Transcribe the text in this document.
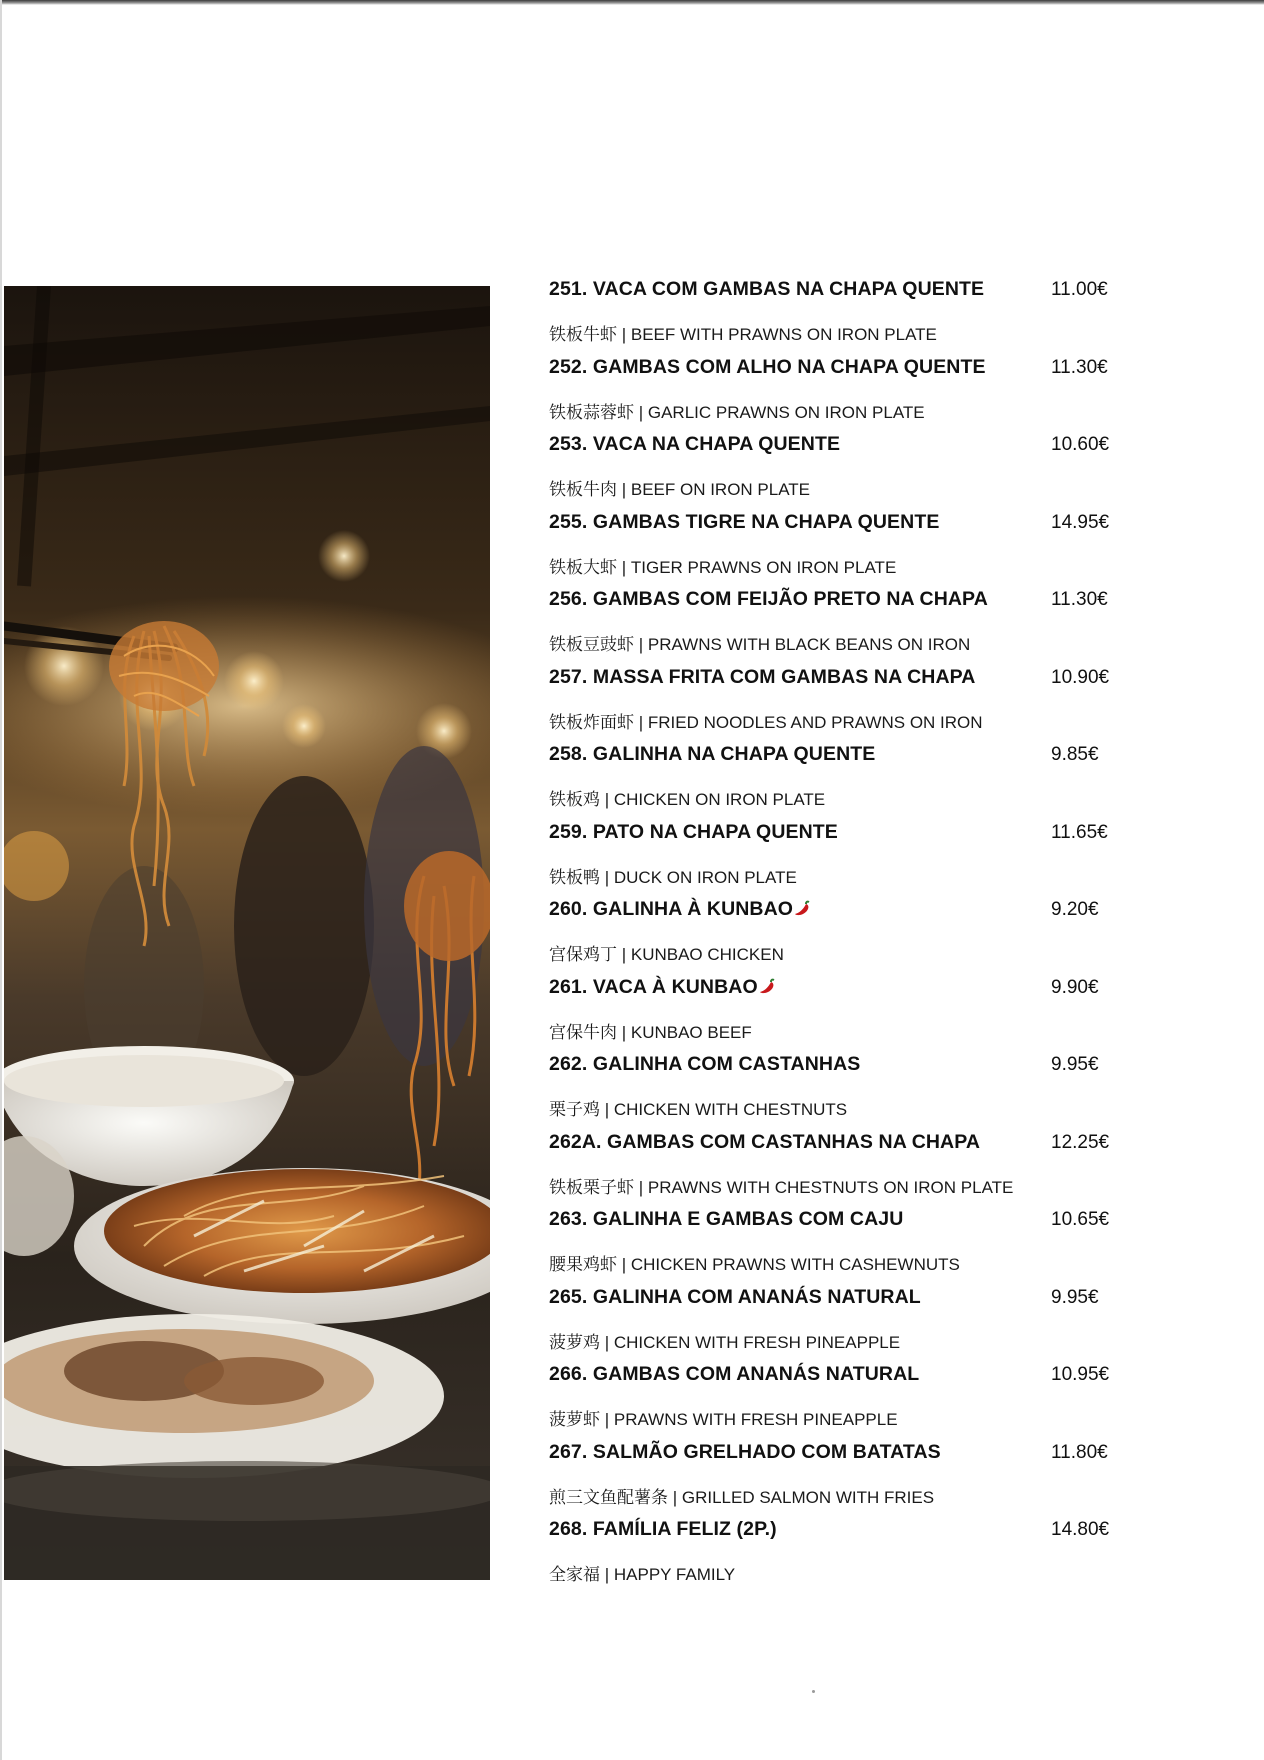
251. VACA COM GAMBAS NA CHAPA QUENTE	11.00€
铁板牛虾 | BEEF WITH PRAWNS ON IRON PLATE
252. GAMBAS COM ALHO NA CHAPA QUENTE	11.30€
铁板蒜蓉虾 | GARLIC PRAWNS ON IRON PLATE
253. VACA NA CHAPA QUENTE	10.60€
铁板牛肉 | BEEF ON IRON PLATE
255. GAMBAS TIGRE NA CHAPA QUENTE	14.95€
铁板大虾 | TIGER PRAWNS ON IRON PLATE
256. GAMBAS COM FEIJÃO PRETO NA CHAPA	11.30€
铁板豆豉虾 | PRAWNS WITH BLACK BEANS ON IRON
257. MASSA FRITA COM GAMBAS NA CHAPA	10.90€
铁板炸面虾 | FRIED NOODLES AND PRAWNS ON IRON
258. GALINHA NA CHAPA QUENTE	9.85€
铁板鸡 | CHICKEN ON IRON PLATE
259. PATO NA CHAPA QUENTE	11.65€
铁板鸭 | DUCK ON IRON PLATE
260. GALINHA À KUNBAO	9.20€
宫保鸡丁 | KUNBAO CHICKEN
261. VACA À KUNBAO	9.90€
宫保牛肉 | KUNBAO BEEF
262. GALINHA COM CASTANHAS	9.95€
栗子鸡 | CHICKEN WITH CHESTNUTS
262A. GAMBAS COM CASTANHAS NA CHAPA	12.25€
铁板栗子虾 | PRAWNS WITH CHESTNUTS ON IRON PLATE
263. GALINHA E GAMBAS COM CAJU	10.65€
腰果鸡虾 | CHICKEN PRAWNS WITH CASHEWNUTS
265. GALINHA COM ANANÁS NATURAL	9.95€
菠萝鸡 | CHICKEN WITH FRESH PINEAPPLE
266. GAMBAS COM ANANÁS NATURAL	10.95€
菠萝虾 | PRAWNS WITH FRESH PINEAPPLE
267. SALMÃO GRELHADO COM BATATAS	11.80€
煎三文鱼配薯条 | GRILLED SALMON WITH FRIES
268. FAMÍLIA FELIZ (2P.)	14.80€
全家福 | HAPPY FAMILY
